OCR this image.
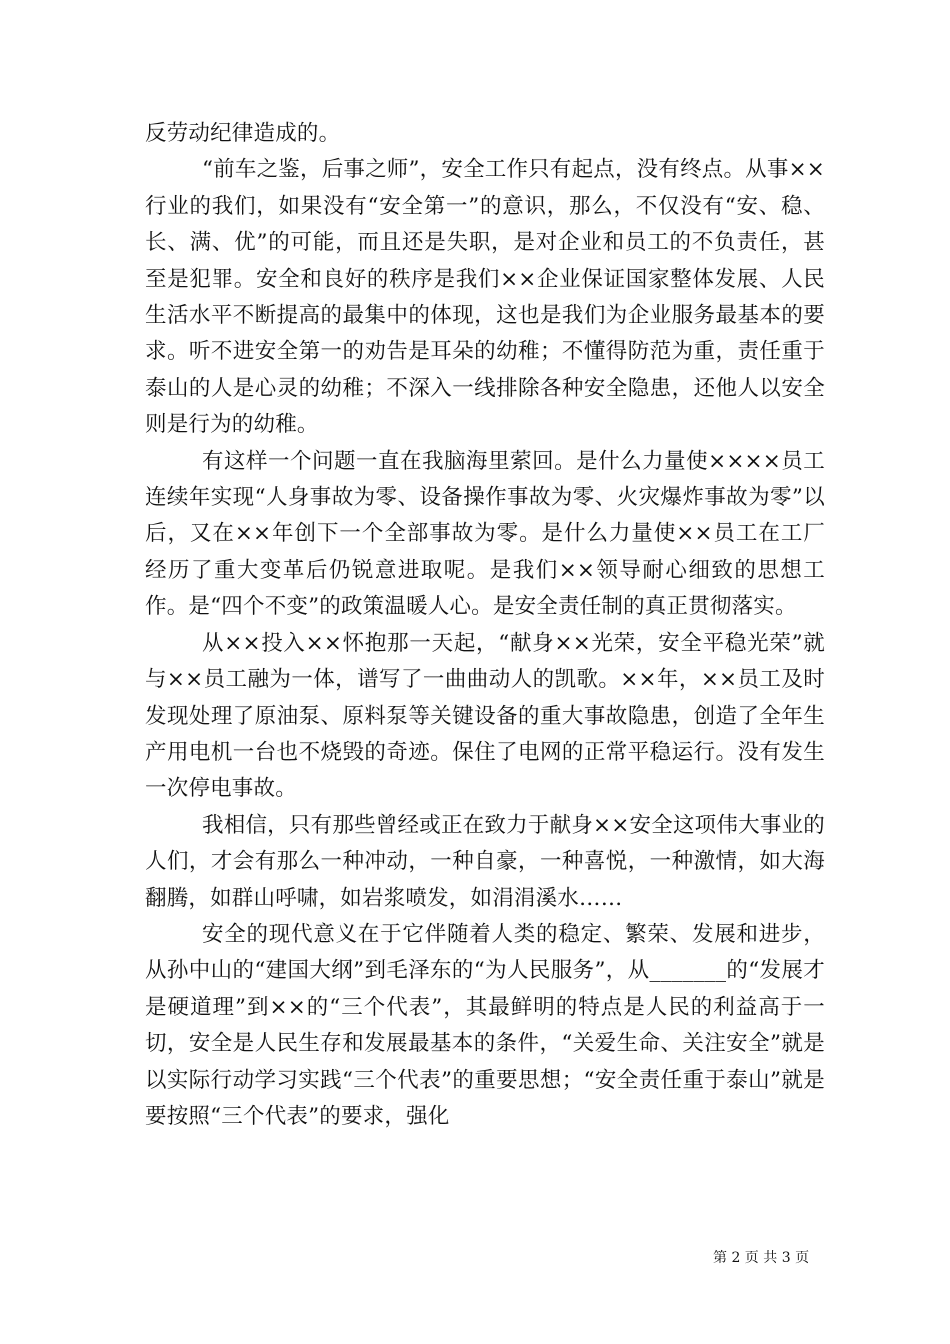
反劳动纪律造成的。

“前车之鉴，后事之师”，安全工作只有起点，没有终点。从事××行业的我们，如果没有“安全第一”的意识，那么，不仅没有“安、稳、长、满、优”的可能，而且还是失职，是对企业和员工的不负责任，甚至是犯罪。安全和良好的秩序是我们××企业保证国家整体发展、人民生活水平不断提高的最集中的体现，这也是我们为企业服务最基本的要求。听不进安全第一的劝告是耳朵的幼稚；不懂得防范为重，责任重于泰山的人是心灵的幼稚；不深入一线排除各种安全隐患，还他人以安全则是行为的幼稚。

有这样一个问题一直在我脑海里萦回。是什么力量使××××员工连续年实现“人身事故为零、设备操作事故为零、火灾爆炸事故为零”以后，又在××年创下一个全部事故为零。是什么力量使××员工在工厂经历了重大变革后仍锐意进取呢。是我们××领导耐心细致的思想工作。是“四个不变”的政策温暖人心。是安全责任制的真正贯彻落实。

从××投入××怀抱那一天起，“献身××光荣，安全平稳光荣”就与××员工融为一体，谱写了一曲曲动人的凯歌。××年，××员工及时发现处理了原油泵、原料泵等关键设备的重大事故隐患，创造了全年生产用电机一台也不烧毁的奇迹。保住了电网的正常平稳运行。没有发生一次停电事故。

我相信，只有那些曾经或正在致力于献身××安全这项伟大事业的人们，才会有那么一种冲动，一种自豪，一种喜悦，一种激情，如大海翻腾，如群山呼啸，如岩浆喷发，如涓涓溪水……

安全的现代意义在于它伴随着人类的稳定、繁荣、发展和进步，从孙中山的“建国大纲”到毛泽东的“为人民服务”，从_______的“发展才是硬道理”到××的“三个代表”，其最鲜明的特点是人民的利益高于一切，安全是人民生存和发展最基本的条件，“关爱生命、关注安全”就是以实际行动学习实践“三个代表”的重要思想；“安全责任重于泰山”就是要按照“三个代表”的要求，强化

第 2 页 共 3 页
